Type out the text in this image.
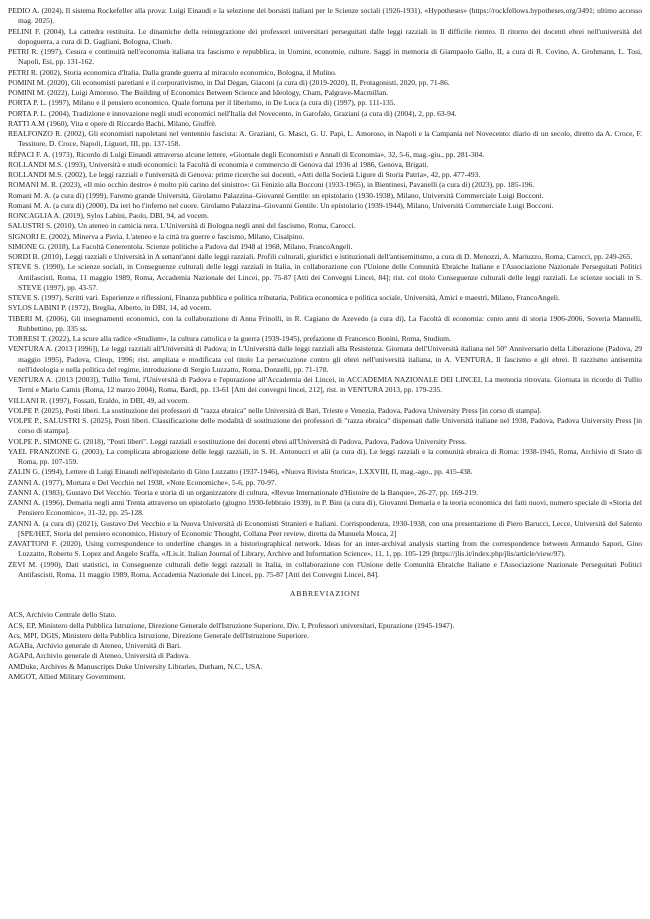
PEDIO A. (2024), Il sistema Rockefeller alla prova: Luigi Einaudi e la selezione dei borsisti italiani per le Scienze sociali (1926-1931), «Hypotheses» (https://rockfellows.hypotheses.org/3491; ultimo accesso mag. 2025).

PELINI F. (2004), La cattedra restituita. Le dinamiche della reintegrazione dei professori universitari perseguitati dalle leggi razziali in Il difficile rientro. Il ritorno dei docenti ebrei nell'università del dopoguerra, a cura di D. Gagliani, Bologna, Clueb.

PETRI R. (1997), Cesura e continuità nell'economia italiana tra fascismo e repubblica, in Uomini, economie, culture. Saggi in memoria di Giampaolo Gallo, II, a cura di R. Covino, A. Grohmann, L. Tosi, Napoli, Esi, pp. 131-162.

PETRI R. (2002), Storia economica d'Italia. Dalla grande guerra al miracolo economico, Bologna, il Mulino.

POMINI M. (2020), Gli economisti paretiani e il corporativismo, in Dal Degan, Giaconi (a cura di) (2019-2020), II, Protagonisti, 2020, pp. 71-86.

POMINI M. (2022), Luigi Amoroso. The Building of Economics Between Science and Ideology, Cham, Palgrave-Macmillan.

PORTA P. L. (1997), Milano e il pensiero economico. Quale fortuna per il liberismo, in De Luca (a cura di) (1997), pp. 111-135.

PORTA P. L. (2004), Tradizione e innovazione negli studi economici nell'Italia del Novecento, in Garofalo, Graziani (a cura di) (2004), 2, pp. 63-94.

RATTI A.M (1960), Vita e opere di Riccardo Bachi, Milano, Giuffrè.

REALFONZO R. (2002), Gli economisti napoletani nel ventennio fascista: A. Graziani, G. Masci, G. U. Papi, L. Amoroso, in Napoli e la Campania nel Novecento: diario di un secolo, diretto da A. Croce, F. Tessitore, D. Croce, Napoli, Liguori, III, pp. 137-158.

RÉPACI F. A. (1973), Ricordo di Luigi Einaudi attraverso alcune lettere, «Giornale degli Economisti e Annali di Economia», 32, 5-6, mag.-giu., pp. 281-304.

ROLLANDI M.S. (1993), Università e studi economici: la Facoltà di economia e commercio di Genova dal 1936 al 1986, Genova, Brigati.

ROLLANDI M.S. (2002), Le leggi razziali e l'università di Genova: prime ricerche sui docenti, «Atti della Società Ligure di Storia Patria», 42, pp. 477-493.

ROMANI M. R. (2023), «Il mio occhio destro» è molto più carino del sinistro»: Gi Fenizio alla Bocconi (1933-1965), in Bientinesi, Pavanelli (a cura di) (2023), pp. 185-196.

Romani M. A. (a cura di) (1999), Faremo grande Università. Girolamo Palazzina–Giovanni Gentile: un epistolario (1930-1938), Milano, Università Commerciale Luigi Bocconi.

Romani M. A. (a cura di) (2000), Da ieri ho l'inferno nel cuore. Girolamo Palazzina–Giovanni Gentile. Un epistolario (1939-1944), Milano, Università Commerciale Luigi Bocconi.

RONCAGLIA A. (2019), Sylos Labini, Paolo, DBI, 94, ad vocem.

SALUSTRI S. (2010), Un ateneo in camicia nera. L'Università di Bologna negli anni del fascismo, Roma, Carocci.

SIGNORI E. (2002), Minerva a Pavia. L'ateneo e la città tra guerre e fascismo, Milano, Cisalpino.

SIMONE G. (2018), La Facoltà Cenerentola. Scienze politiche a Padova dal 1948 al 1968, Milano, FrancoAngeli.

SORDI B. (2010), Leggi razziali e Università in A settant'anni dalle leggi razziali. Profili culturali, giuridici e istituzionali dell'antisemitismo, a cura di D. Menozzi, A. Mariuzzo, Roma, Carocci, pp. 249-265.

STEVE S. (1990), Le scienze sociali, in Conseguenze culturali delle leggi razziali in Italia, in collaborazione con l'Unione delle Comunità Ebraiche Italiane e l'Associazione Nazionale Perseguitati Politici Antifascisti, Roma, 11 maggio 1989, Roma, Accademia Nazionale dei Lincei, pp. 75-87 [Atti dei Convegni Lincei, 84]; rist. col titolo Conseguenze culturali delle leggi razziali. Le scienze sociali in S. STEVE (1997), pp. 43-57.

STEVE S. (1997), Scritti vari. Esperienze e riflessioni, Finanza pubblica e politica tributaria, Politica economica e politica sociale, Università, Amici e maestri, Milano, FrancoAngeli.

SYLOS LABINI P. (1972), Breglia, Alberto, in DBI, 14, ad vocem.

TIBERI M. (2006), Gli insegnamenti economici, con la collaborazione di Anna Frinolli, in R. Cagiano de Azevedo (a cura di), La Facoltà di economia: cento anni di storia 1906-2006, Soveria Mannelli, Rubbettino, pp. 335 ss.

TORRESI T. (2022), La scure alla radice «Studium», la cultura cattolica e la guerra (1939-1945), prefazione di Francesco Bonini, Roma, Studium.

VENTURA A. (2013 [1996]), Le leggi razziali all'Università di Padova; in L'Università dalle leggi razziali alla Resistenza. Giornata dell'Università italiana nel 50° Anniversario della Liberazione (Padova, 29 maggio 1995), Padova, Cleup, 1996; rist. ampliata e modificata col titolo La persecuzione contro gli ebrei nell'università italiana, in A. VENTURA, Il fascismo e gli ebrei. Il razzismo antisemita nell'ideologia e nella politica del regime, introduzione di Sergio Luzzatto, Roma, Donzelli, pp. 71-178.

VENTURA A. (2013 [2003]), Tullio Terni, l'Università di Padova e l'epurazione all'Accademia dei Lincei, in ACCADEMIA NAZIONALE DEI LINCEI, La memoria ritrovata. Giornata in ricordo di Tullio Terni e Mario Camis (Roma, 12 marzo 2004), Roma, Bardi, pp. 13-61 [Atti dei convegni lincei, 212], rist. in VENTURA 2013, pp. 179-235.

VILLANI R. (1997), Fossati, Eraldo, in DBI, 49, ad vocem.

VOLPE P. (2025), Posti liberi. La sostituzione dei professori di "razza ebraica" nelle Università di Bari, Trieste e Venezia, Padova, Padova University Press [in corso di stampa].

VOLPE P., SALUSTRI S. (2025), Posti liberi. Classificazione delle modalità di sostituzione dei professori di "razza ebraica" dispensati dalle Università italiane nel 1938, Padova, Padova University Press [in corso di stampa].

VOLPE P., SIMONE G. (2018), "Posti liberi". Leggi razziali e sostituzione dei docenti ebrei all'Università di Padova, Padova, Padova University Press.

YAEL FRANZONE G. (2003), La complicata abrogazione delle leggi razziali, in S. H. Antonucci et alii (a cura di), Le leggi razziali e la comunità ebraica di Roma: 1938-1945, Roma, Archivio di Stato di Roma, pp. 107-159.

ZALIN G. (1994), Lettere di Luigi Einaudi nell'epistolario di Gino Luzzatto (1937-1946), «Nuova Rivista Storica», LXXVIII, II, mag.-ago., pp. 415-438.

ZANNI A. (1977), Mortara e Del Vecchio nel 1938, «Note Economiche», 5-6, pp. 70-97.

ZANNI A. (1983), Gustavo Del Vecchio. Teoria e storia di un organizzatore di cultura, «Revue Internationale d'Histoire de la Banque», 26-27, pp. 169-219.

ZANNI A. (1996), Demaria negli anni Trenta attraverso un epistolario (giugno 1930-febbraio 1939), in P. Bini (a cura di), Giovanni Demaria e la teoria economica dei fatti nuovi, numero speciale di «Storia del Pensiero Economico», 31-32, pp. 25-128.

ZANNI A. (a cura di) (2021), Gustavo Del Vecchio e la Nuova Università di Economisti Stranieri e Italiani. Corrispondenza, 1930-1938, con una presentazione di Piero Barucci, Lecce, Università del Salento [SPE/HET, Storia del pensiero economico, History of Economic Thought, Collana Peer review, diretta da Manuela Mosca, 2]

ZAVATTONI F. (2020), Using correspondence to underline changes in a historiographical network. Ideas for an inter-archival analysis starting from the correspondence between Armando Sapori, Gino Luzzatto, Roberto S. Lopez and Angelo Sraffa, «JLis.it. Italian Journal of Library, Archive and Information Science», 11, 1, pp. 105-129 (https://jlis.it/index.php/jlis/article/view/97).

ZEVI M. (1990), Dati statistici, in Conseguenze culturali delle leggi razziali in Italia, in collaborazione con l'Unione delle Comunità Ebraiche Italiane e l'Associazione Nazionale Perseguitati Politici Antifascisti, Roma, 11 maggio 1989, Roma, Accademia Nazionale dei Lincei, pp. 75-87 [Atti dei Convegni Lincei, 84].

ABBREVIAZIONI

ACS, Archivio Centrale dello Stato.

ACS, EP, Ministero della Pubblica Istruzione, Direzione Generale dell'Istruzione Superiore, Div. I, Professori universitari, Epurazione (1945-1947).

Acs, MPI, DGIS, Ministero della Pubblica Istruzione, Direzione Generale dell'Istruzione Superiore.

AGABa, Archivio generale di Ateneo, Università di Bari.

AGAPd, Archivio generale di Ateneo, Università di Padova.

AMDuke, Archives & Manuscripts Duke University Libraries, Durham, N.C., USA.

AMGOT, Allied Military Government.
